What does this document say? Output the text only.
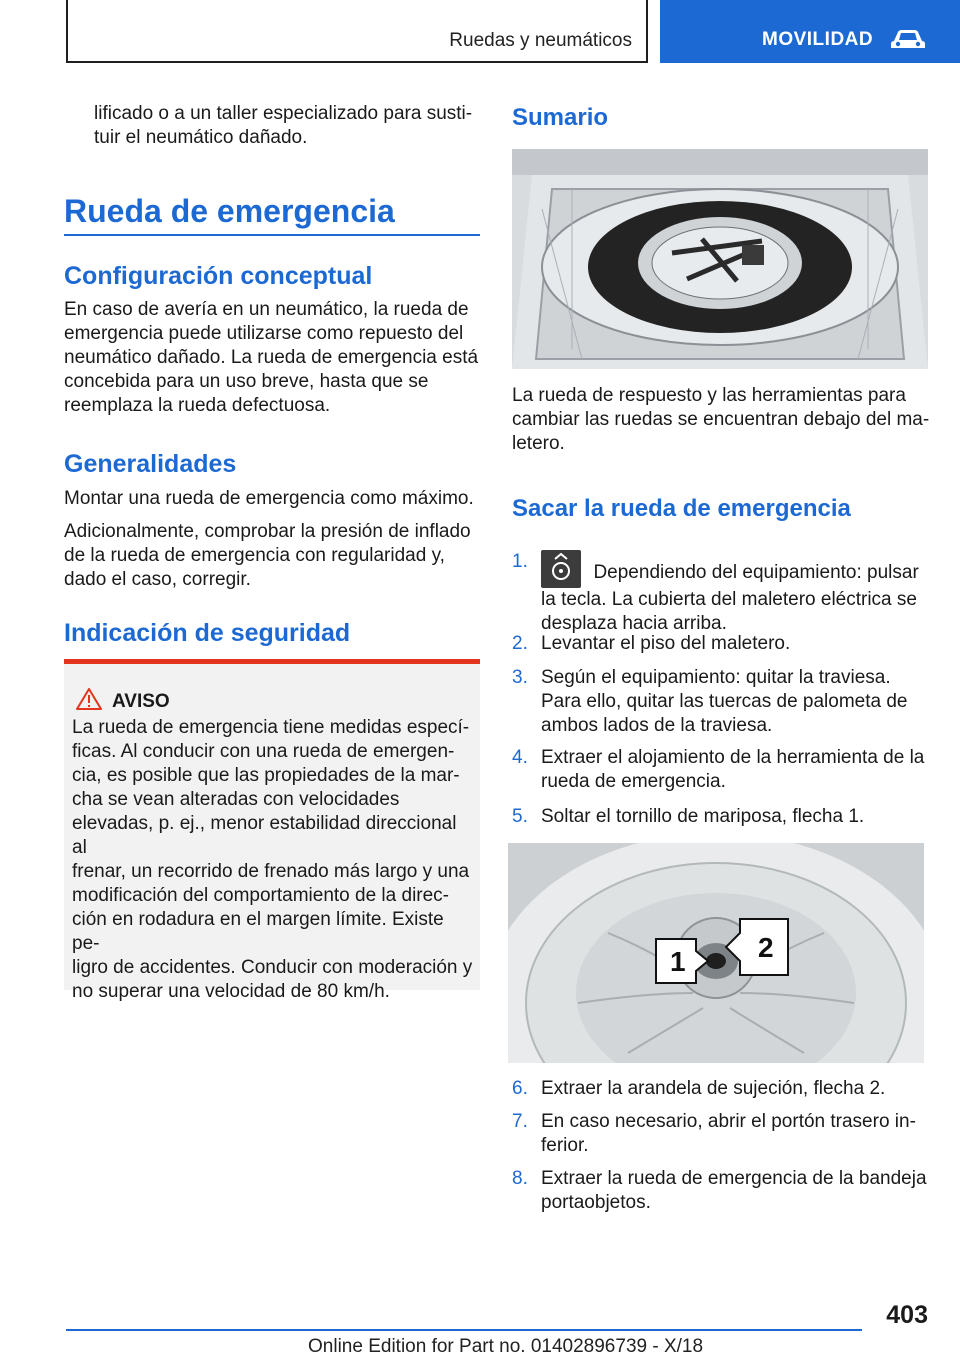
Ruedas y neumáticos	MOVILIDAD

lificado o a un taller especializado para susti-

tuir el neumático dañado.

Rueda de emergencia
Configuración conceptual

En caso de avería en un neumático, la rueda de

emergencia puede utilizarse como repuesto del

neumático dañado. La rueda de emergencia está

concebida para un uso breve, hasta que se

reemplaza la rueda defectuosa.

Generalidades

Montar una rueda de emergencia como máximo.

Adicionalmente, comprobar la presión de inflado

de la rueda de emergencia con regularidad y,

dado el caso, corregir.

Indicación de seguridad
AVISO

La rueda de emergencia tiene medidas especí-

ficas. Al conducir con una rueda de emergen-

cia, es posible que las propiedades de la mar-

cha se vean alteradas con velocidades

elevadas, p. ej., menor estabilidad direccional al

frenar, un recorrido de frenado más largo y una

modificación del comportamiento de la direc-

ción en rodadura en el margen límite. Existe pe-

ligro de accidentes. Conducir con moderación y

no superar una velocidad de 80 km/h.

Sumario

La rueda de respuesto y las herramientas para

cambiar las ruedas se encuentran debajo del ma-

letero.

Sacar la rueda de emergencia
1.
Dependiendo del equipamiento: pulsar

la tecla. La cubierta del maletero eléctrica se

desplaza hacia arriba.

2. Levantar el piso del maletero.

3. Según el equipamiento: quitar la traviesa.

Para ello, quitar las tuercas de palometa de

ambos lados de la traviesa.

4. Extraer el alojamiento de la herramienta de la

rueda de emergencia.

5. Soltar el tornillo de mariposa, flecha 1.

1	2
6. Extraer la arandela de sujeción, flecha 2.

7. En caso necesario, abrir el portón trasero in-

ferior.

8. Extraer la rueda de emergencia de la bandeja

portaobjetos.

403
Online Edition for Part no. 01402896739 - X/18
